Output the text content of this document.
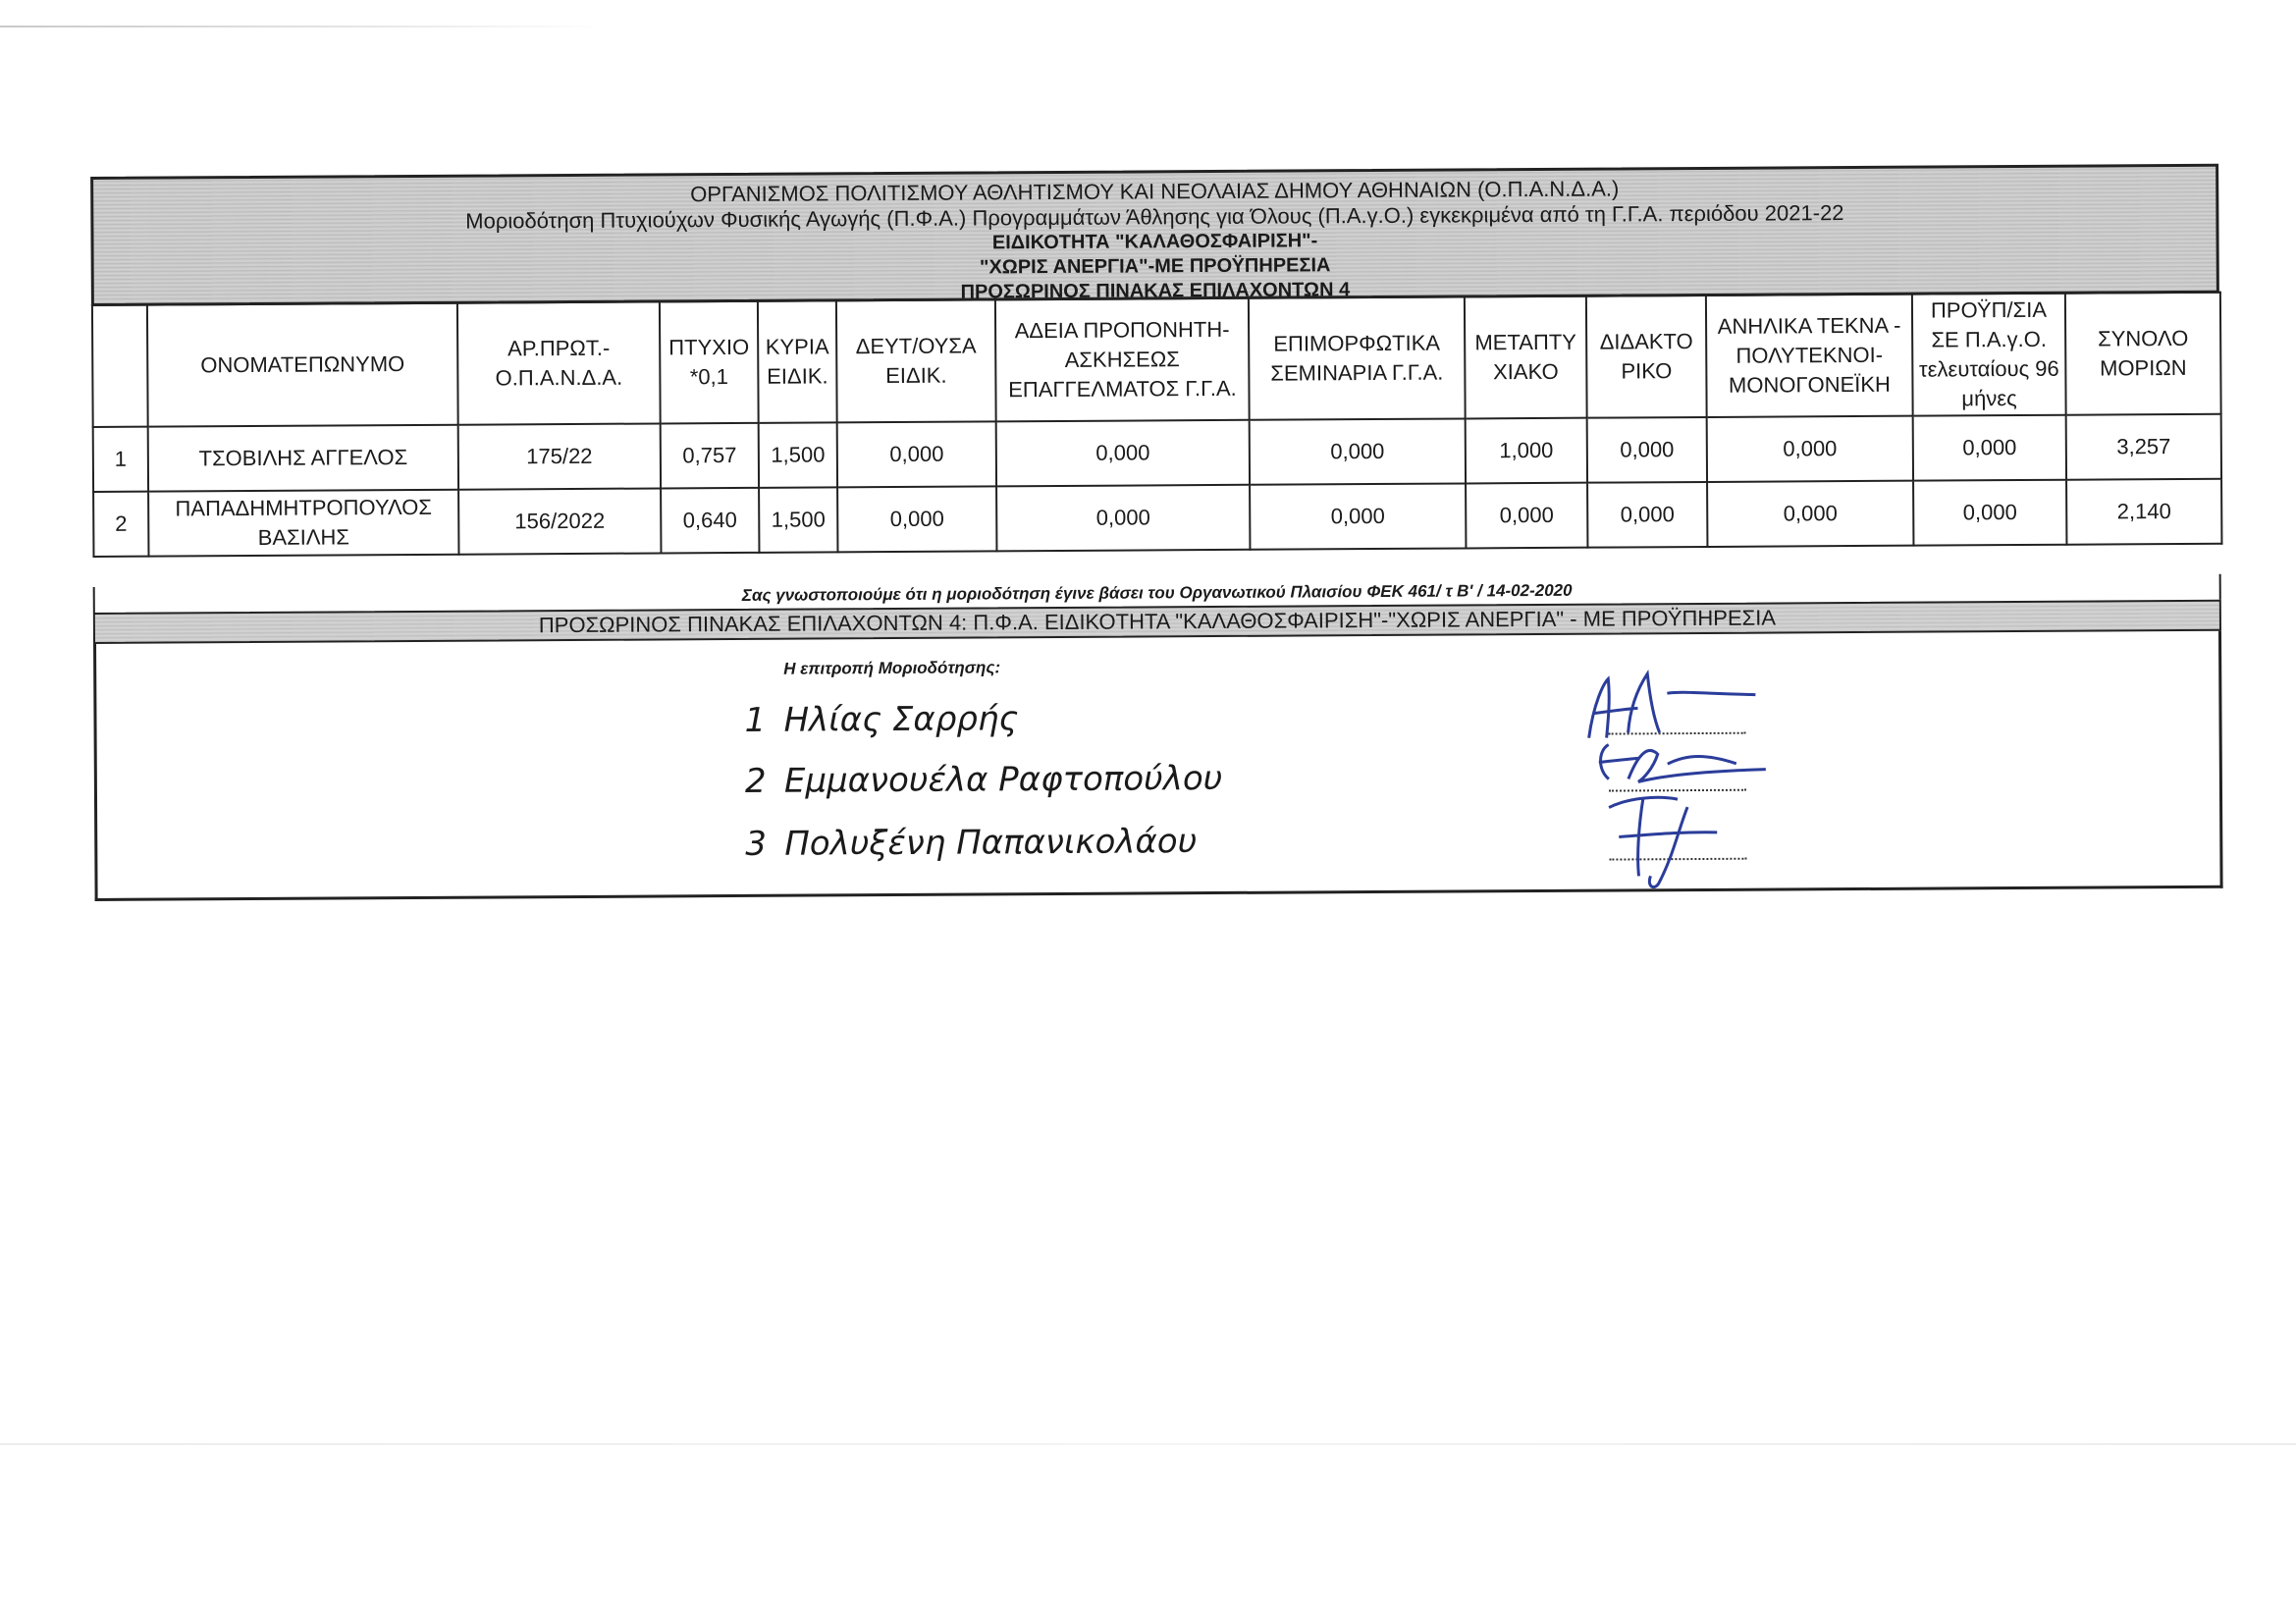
ΟΡΓΑΝΙΣΜΟΣ ΠΟΛΙΤΙΣΜΟΥ ΑΘΛΗΤΙΣΜΟΥ ΚΑΙ ΝΕΟΛΑΙΑΣ ΔΗΜΟΥ ΑΘΗΝΑΙΩΝ (Ο.Π.Α.Ν.Δ.Α.)
Μοριοδότηση Πτυχιούχων Φυσικής Αγωγής (Π.Φ.Α.) Προγραμμάτων Άθλησης για Όλους (Π.Α.γ.Ο.) εγκεκριμένα από τη Γ.Γ.Α. περιόδου 2021-22
ΕΙΔΙΚΟΤΗΤΑ "ΚΑΛΑΘΟΣΦΑΙΡΙΣΗ"-
"ΧΩΡΙΣ ΑΝΕΡΓΙΑ"-ΜΕ ΠΡΟΫΠΗΡΕΣΙΑ
ΠΡΟΣΩΡΙΝΟΣ ΠΙΝΑΚΑΣ ΕΠΙΛΑΧΟΝΤΩΝ 4
	ΟΝΟΜΑΤΕΠΩΝΥΜΟ	ΑΡ.ΠΡΩΤ.- Ο.Π.Α.Ν.Δ.Α.	ΠΤΥΧΙΟ *0,1	ΚΥΡΙΑ ΕΙΔΙΚ.	ΔΕΥΤ/ΟΥΣΑ ΕΙΔΙΚ.	ΑΔΕΙΑ ΠΡΟΠΟΝΗΤΗ- ΑΣΚΗΣΕΩΣ ΕΠΑΓΓΕΛΜΑΤΟΣ Γ.Γ.Α.	ΕΠΙΜΟΡΦΩΤΙΚΑ ΣΕΜΙΝΑΡΙΑ Γ.Γ.Α.	ΜΕΤΑΠΤΥ ΧΙΑΚΟ	ΔΙΔΑΚΤΟ ΡΙΚΟ	ΑΝΗΛΙΚΑ ΤΕΚΝΑ - ΠΟΛΥΤΕΚΝΟΙ- ΜΟΝΟΓΟΝΕΪΚΗ	ΠΡΟΫΠ/ΣΙΑ ΣΕ Π.Α.γ.Ο. τελευταίους 96 μήνες	ΣΥΝΟΛΟ ΜΟΡΙΩΝ
1	ΤΣΟΒΙΛΗΣ ΑΓΓΕΛΟΣ	175/22	0,757	1,500	0,000	0,000	0,000	1,000	0,000	0,000	0,000	3,257
2	ΠΑΠΑΔΗΜΗΤΡΟΠΟΥΛΟΣ ΒΑΣΙΛΗΣ	156/2022	0,640	1,500	0,000	0,000	0,000	0,000	0,000	0,000	0,000	2,140
Σας γνωστοποιούμε ότι η μοριοδότηση έγινε βάσει του Οργανωτικού Πλαισίου ΦΕΚ 461/ τ Β' / 14-02-2020
ΠΡΟΣΩΡΙΝΟΣ ΠΙΝΑΚΑΣ ΕΠΙΛΑΧΟΝΤΩΝ 4: Π.Φ.Α. ΕΙΔΙΚΟΤΗΤΑ "ΚΑΛΑΘΟΣΦΑΙΡΙΣΗ"-"ΧΩΡΙΣ ΑΝΕΡΓΙΑ" - ΜΕ ΠΡΟΫΠΗΡΕΣΙΑ
Η επιτροπή Μοριοδότησης:
1 Ηλίας Σαρρής
2 Εμμανουέλα Ραφτοπούλου
3 Πολυξένη Παπανικολάου
